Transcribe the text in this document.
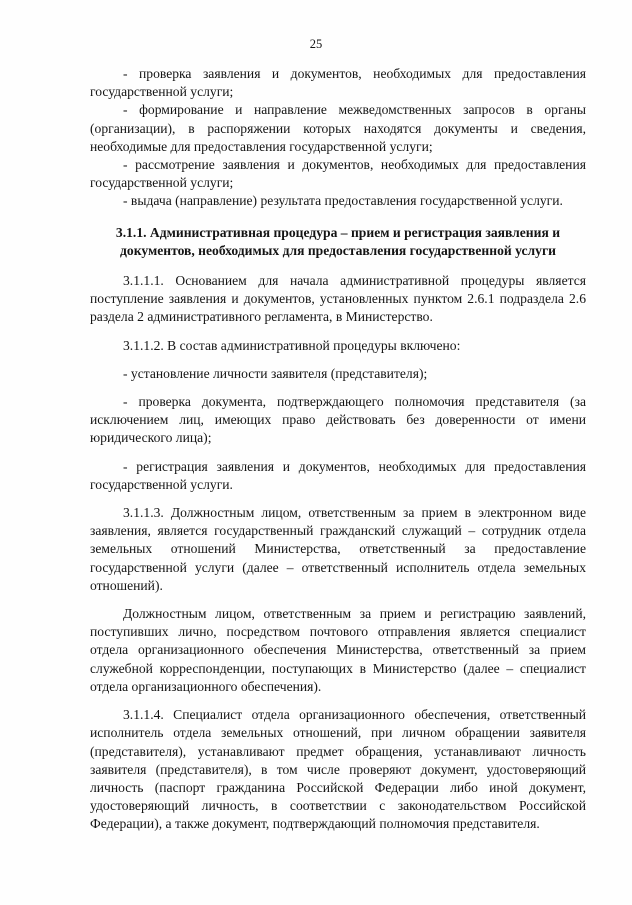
25

- проверка заявления и документов, необходимых для предоставления государственной услуги;

- формирование и направление межведомственных запросов в органы (организации), в распоряжении которых находятся документы и сведения, необходимые для предоставления государственной услуги;

- рассмотрение заявления и документов, необходимых для предоставления государственной услуги;

- выдача (направление) результата предоставления государственной услуги.

3.1.1. Административная процедура – прием и регистрация заявления и документов, необходимых для предоставления государственной услуги

3.1.1.1. Основанием для начала административной процедуры является поступление заявления и документов, установленных пунктом 2.6.1 подраздела 2.6 раздела 2 административного регламента, в Министерство.

3.1.1.2. В состав административной процедуры включено:

- установление личности заявителя (представителя);

- проверка документа, подтверждающего полномочия представителя (за исключением лиц, имеющих право действовать без доверенности от имени юридического лица);

- регистрация заявления и документов, необходимых для предоставления государственной услуги.

3.1.1.3. Должностным лицом, ответственным за прием в электронном виде заявления, является государственный гражданский служащий – сотрудник отдела земельных отношений Министерства, ответственный за предоставление государственной услуги (далее – ответственный исполнитель отдела земельных отношений).

Должностным лицом, ответственным за прием и регистрацию заявлений, поступивших лично, посредством почтового отправления является специалист отдела организационного обеспечения Министерства, ответственный за прием служебной корреспонденции, поступающих в Министерство (далее – специалист отдела организационного обеспечения).

3.1.1.4. Специалист отдела организационного обеспечения, ответственный исполнитель отдела земельных отношений, при личном обращении заявителя (представителя), устанавливают предмет обращения, устанавливают личность заявителя (представителя), в том числе проверяют документ, удостоверяющий личность (паспорт гражданина Российской Федерации либо иной документ, удостоверяющий личность, в соответствии с законодательством Российской Федерации), а также документ, подтверждающий полномочия представителя.
